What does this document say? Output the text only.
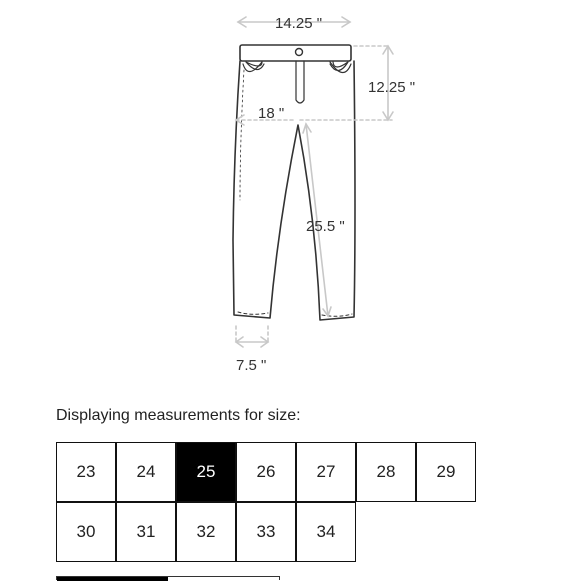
14.25 "
12.25 "
18 "
25.5 "
7.5 "
Displaying measurements for size:
23	24	25	26	27	28	29
30	31	32	33	34
